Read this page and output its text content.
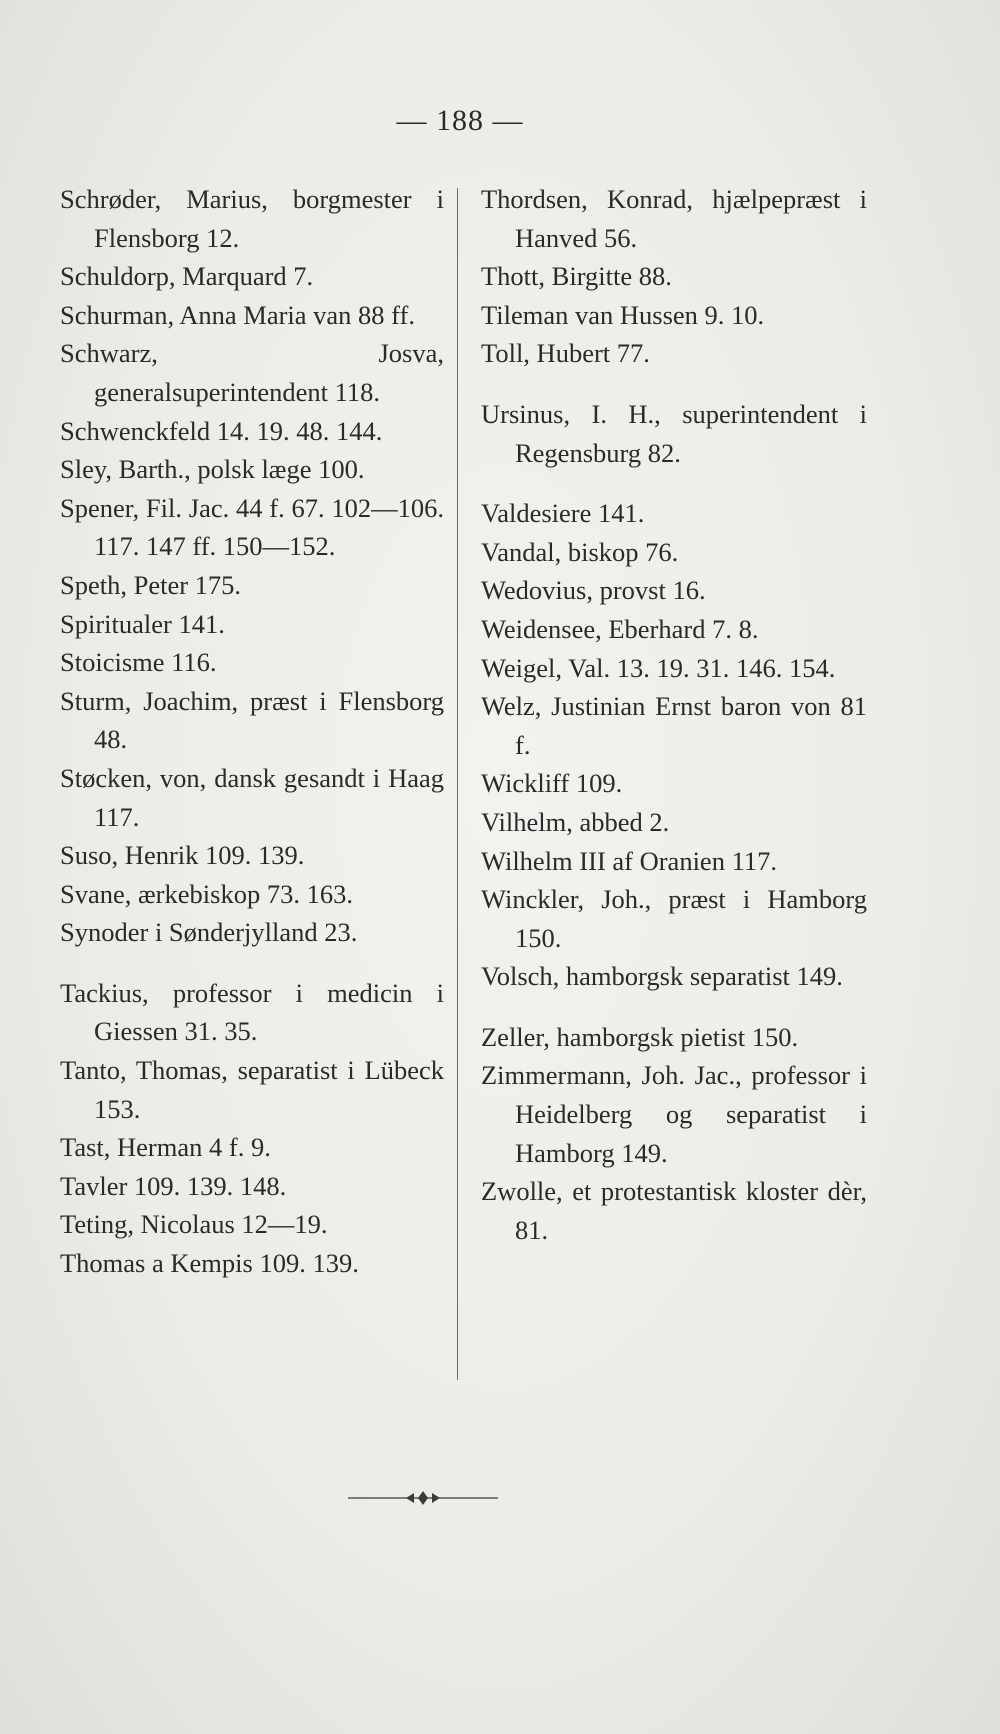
— 188 —

Schrøder, Marius, borgmester i Flensborg 12.

Schuldorp, Marquard 7.

Schurman, Anna Maria van 88 ff.

Schwarz, Josva, generalsuperintendent 118.

Schwenckfeld 14. 19. 48. 144.

Sley, Barth., polsk læge 100.

Spener, Fil. Jac. 44 f. 67. 102—106. 117. 147 ff. 150—152.

Speth, Peter 175.

Spiritualer 141.

Stoicisme 116.

Sturm, Joachim, præst i Flensborg 48.

Støcken, von, dansk gesandt i Haag 117.

Suso, Henrik 109. 139.

Svane, ærkebiskop 73. 163.

Synoder i Sønderjylland 23.

Tackius, professor i medicin i Giessen 31. 35.

Tanto, Thomas, separatist i Lübeck 153.

Tast, Herman 4 f. 9.

Tavler 109. 139. 148.

Teting, Nicolaus 12—19.

Thomas a Kempis 109. 139.

Thordsen, Konrad, hjælpepræst i Hanved 56.

Thott, Birgitte 88.

Tileman van Hussen 9. 10.

Toll, Hubert 77.

Ursinus, I. H., superintendent i Regensburg 82.

Valdesiere 141.

Vandal, biskop 76.

Wedovius, provst 16.

Weidensee, Eberhard 7. 8.

Weigel, Val. 13. 19. 31. 146. 154.

Welz, Justinian Ernst baron von 81 f.

Wickliff 109.

Vilhelm, abbed 2.

Wilhelm III af Oranien 117.

Winckler, Joh., præst i Hamborg 150.

Volsch, hamborgsk separatist 149.

Zeller, hamborgsk pietist 150.

Zimmermann, Joh. Jac., professor i Heidelberg og separatist i Hamborg 149.

Zwolle, et protestantisk kloster dèr, 81.
